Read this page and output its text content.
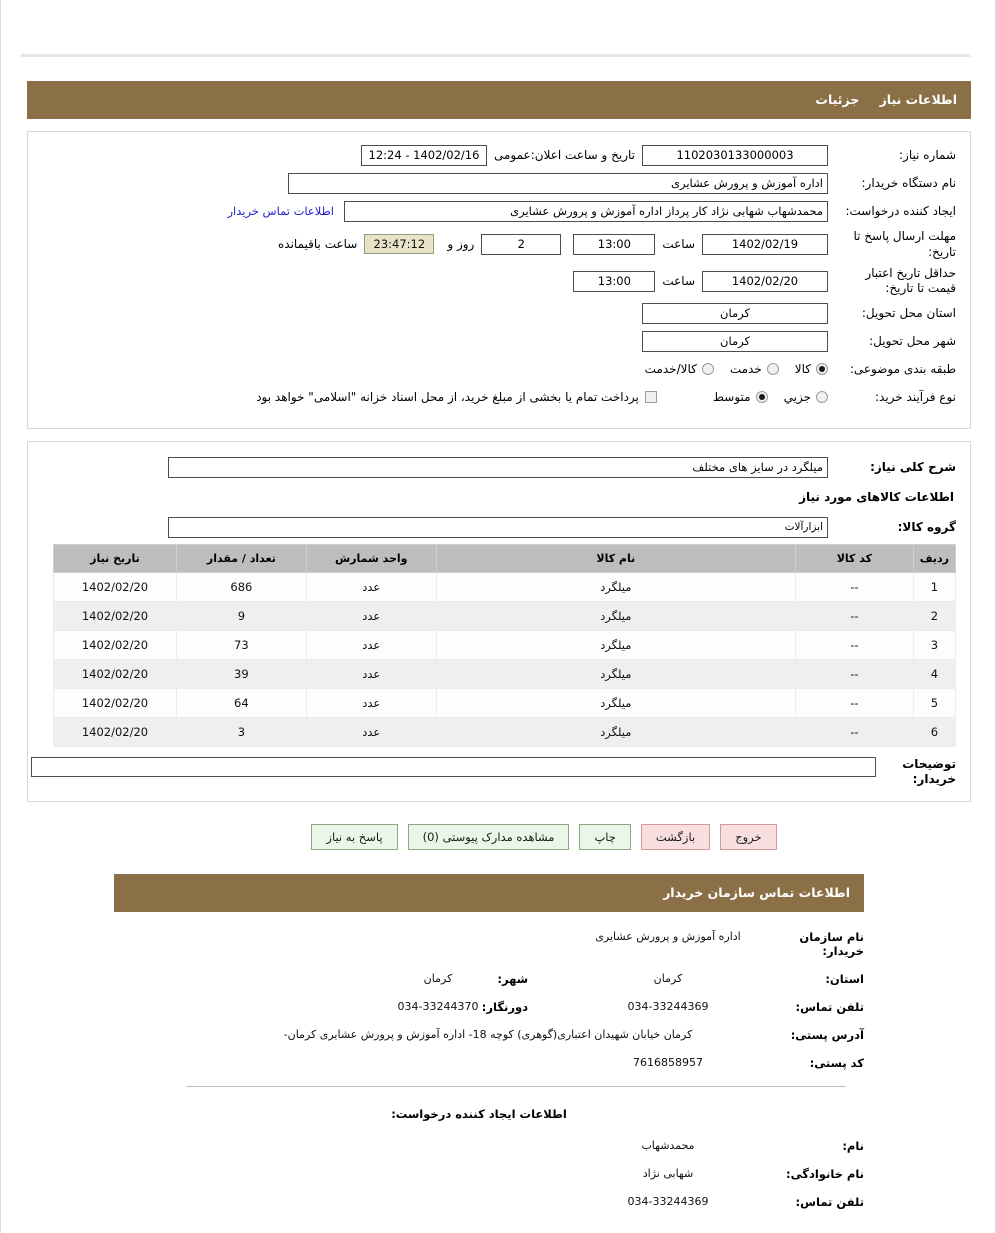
اطلاعات نیاز جزئیات
شماره نیاز:
1102030133000003
تاریخ و ساعت اعلان:عمومی
1402/02/16 - 12:24
نام دستگاه خریدار:
اداره آموزش و پرورش عشایری
ایجاد کننده درخواست:
محمدشهاب شهابی نژاد کار پرداز اداره آموزش و پرورش عشایری
اطلاعات تماس خریدار
مهلت ارسال پاسخ تا تاریخ:
1402/02/19
ساعت
13:00
2
روز و
23:47:12
ساعت باقیمانده
حداقل تاریخ اعتبار قیمت تا تاریخ:
1402/02/20
ساعت
13:00
استان محل تحویل:
کرمان
شهر محل تحویل:
کرمان
طبقه بندی موضوعی:
کالا
خدمت
کالا/خدمت
نوع فرآیند خرید:
جزيي
متوسط
پرداخت تمام یا بخشی از مبلغ خرید، از محل اسناد خزانه "اسلامی" خواهد بود
شرح کلی نیاز:
میلگرد در سایز های مختلف
اطلاعات کالاهای مورد نیاز
گروه کالا:
ابزارآلات
ردیف	کد کالا	نام کالا	واحد شمارش	تعداد / مقدار	تاریخ نیاز
1	--	میلگرد	عدد	686	1402/02/20
2	--	میلگرد	عدد	9	1402/02/20
3	--	میلگرد	عدد	73	1402/02/20
4	--	میلگرد	عدد	39	1402/02/20
5	--	میلگرد	عدد	64	1402/02/20
6	--	میلگرد	عدد	3	1402/02/20
توضیحات خریدار:
خروج
بازگشت
چاپ
مشاهده مدارک پیوستی (0)
پاسخ به نیاز
اطلاعات تماس سازمان خریدار
نام سازمان خریدار:
اداره آموزش و پرورش عشایری
استان:
کرمان
شهر:
کرمان
تلفن تماس:
034-33244369
دورنگار:
034-33244370
آدرس پستی:
کرمان خیابان شهیدان اعتباری(گوهری) کوچه 18- اداره آموزش و پرورش عشایری کرمان-
کد پستی:
7616858957
اطلاعات ایجاد کننده درخواست:
نام:
محمدشهاب
نام خانوادگی:
شهابی نژاد
تلفن تماس:
034-33244369
